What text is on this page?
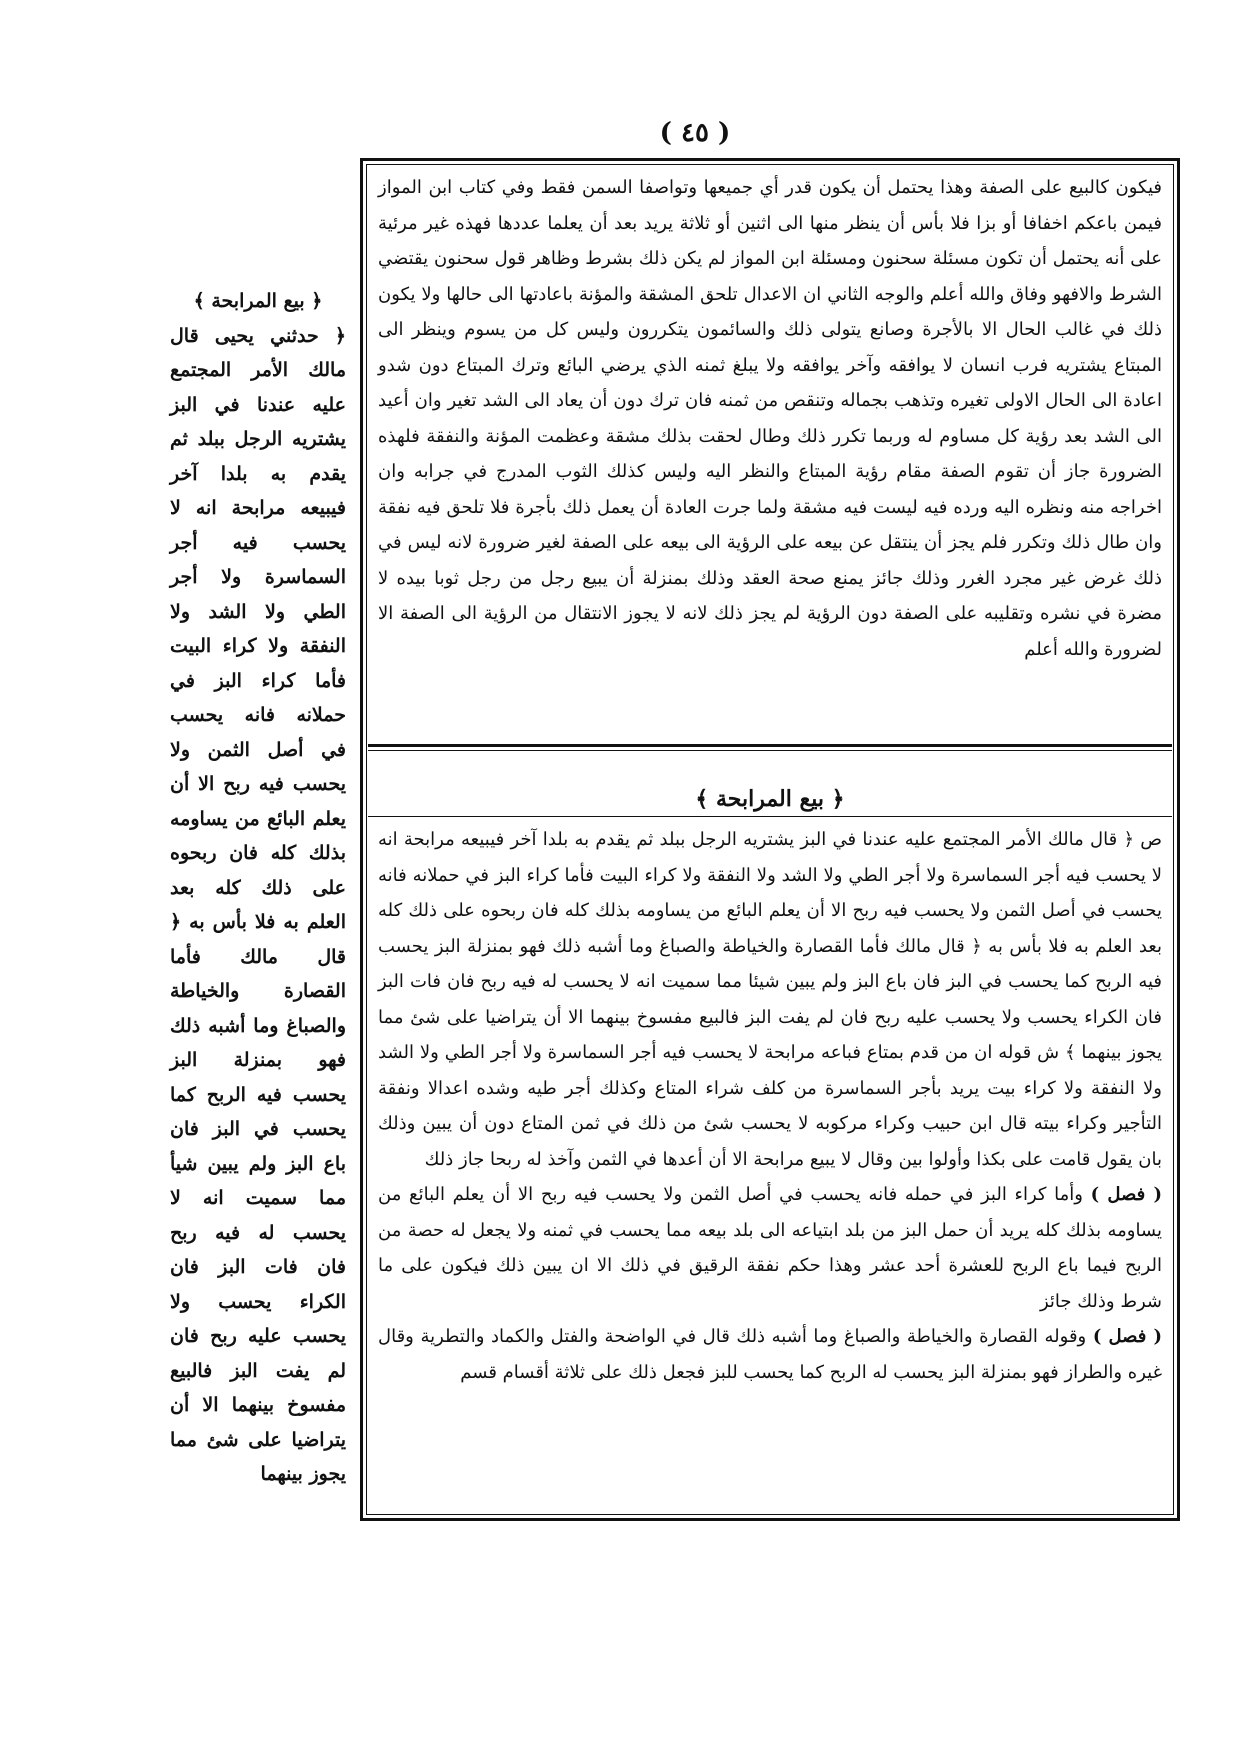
( ٤٥ )

فيكون كالبيع على الصفة وهذا يحتمل أن يكون قدر أي جميعها وتواصفا السمن فقط وفي كتاب ابن المواز فيمن باعكم اخفافا أو بزا فلا بأس أن ينظر منها الى اثنين أو ثلاثة يريد بعد أن يعلما عددها فهذه غير مرئية على أنه يحتمل أن تكون مسئلة سحنون ومسئلة ابن المواز لم يكن ذلك بشرط وظاهر قول سحنون يقتضي الشرط والافهو وفاق والله أعلم والوجه الثاني ان الاعدال تلحق المشقة والمؤنة باعادتها الى حالها ولا يكون ذلك في غالب الحال الا بالأجرة وصانع يتولى ذلك والسائمون يتكررون وليس كل من يسوم وينظر الى المبتاع يشتريه فرب انسان لا يوافقه وآخر يوافقه ولا يبلغ ثمنه الذي يرضي البائع وترك المبتاع دون شدو اعادة الى الحال الاولى تغيره وتذهب بجماله وتنقص من ثمنه فان ترك دون أن يعاد الى الشد تغير وان أعيد الى الشد بعد رؤية كل مساوم له وربما تكرر ذلك وطال لحقت بذلك مشقة وعظمت المؤنة والنفقة فلهذه الضرورة جاز أن تقوم الصفة مقام رؤية المبتاع والنظر اليه وليس كذلك الثوب المدرج في جرابه وان اخراجه منه ونظره اليه ورده فيه ليست فيه مشقة ولما جرت العادة أن يعمل ذلك بأجرة فلا تلحق فيه نفقة وان طال ذلك وتكرر فلم يجز أن ينتقل عن بيعه على الرؤية الى بيعه على الصفة لغير ضرورة لانه ليس في ذلك غرض غير مجرد الغرر وذلك جائز يمنع صحة العقد وذلك بمنزلة أن يبيع رجل من رجل ثوبا بيده لا مضرة في نشره وتقليبه على الصفة دون الرؤية لم يجز ذلك لانه لا يجوز الانتقال من الرؤية الى الصفة الا لضرورة والله أعلم

﴿ بيع المرابحة ﴾

ص ﴿ قال مالك الأمر المجتمع عليه عندنا في البز يشتريه الرجل ببلد ثم يقدم به بلدا آخر فيبيعه مرابحة انه لا يحسب فيه أجر السماسرة ولا أجر الطي ولا الشد ولا النفقة ولا كراء البيت فأما كراء البز في حملانه فانه يحسب في أصل الثمن ولا يحسب فيه ربح الا أن يعلم البائع من يساومه بذلك كله فان ربحوه على ذلك كله بعد العلم به فلا بأس به ﴿ قال مالك فأما القصارة والخياطة والصباغ وما أشبه ذلك فهو بمنزلة البز يحسب فيه الربح كما يحسب في البز فان باع البز ولم يبين شيئا مما سميت انه لا يحسب له فيه ربح فان فات البز فان الكراء يحسب ولا يحسب عليه ربح فان لم يفت البز فالبيع مفسوخ بينهما الا أن يتراضيا على شئ مما يجوز بينهما ﴾ ش قوله ان من قدم بمتاع فباعه مرابحة لا يحسب فيه أجر السماسرة ولا أجر الطي ولا الشد ولا النفقة ولا كراء بيت يريد بأجر السماسرة من كلف شراء المتاع وكذلك أجر طيه وشده اعدالا ونفقة التأجير وكراء بيته قال ابن حبيب وكراء مركوبه لا يحسب شئ من ذلك في ثمن المتاع دون أن يبين وذلك بان يقول قامت على بكذا وأولوا بين وقال لا يبيع مرابحة الا أن أعدها في الثمن وآخذ له ربحا جاز ذلك

( فصل ) وأما كراء البز في حمله فانه يحسب في أصل الثمن ولا يحسب فيه ربح الا أن يعلم البائع من يساومه بذلك كله يريد أن حمل البز من بلد ابتياعه الى بلد بيعه مما يحسب في ثمنه ولا يجعل له حصة من الربح فيما باع الربح للعشرة أحد عشر وهذا حكم نفقة الرقيق في ذلك الا ان يبين ذلك فيكون على ما شرط وذلك جائز

( فصل ) وقوله القصارة والخياطة والصباغ وما أشبه ذلك قال في الواضحة والفتل والكماد والتطرية وقال غيره والطراز فهو بمنزلة البز يحسب له الربح كما يحسب للبز فجعل ذلك على ثلاثة أقسام قسم

﴿ بيع المرابحة ﴾

﴿ حدثني يحيى قال مالك الأمر المجتمع عليه عندنا في البز يشتريه الرجل ببلد ثم يقدم به بلدا آخر فيبيعه مرابحة انه لا يحسب فيه أجر السماسرة ولا أجر الطي ولا الشد ولا النفقة ولا كراء البيت فأما كراء البز في حملانه فانه يحسب في أصل الثمن ولا يحسب فيه ربح الا أن يعلم البائع من يساومه بذلك كله فان ربحوه على ذلك كله بعد العلم به فلا بأس به ﴿ قال مالك فأما القصارة والخياطة والصباغ وما أشبه ذلك فهو بمنزلة البز يحسب فيه الربح كما يحسب في البز فان باع البز ولم يبين شيأ مما سميت انه لا يحسب له فيه ربح فان فات البز فان الكراء يحسب ولا يحسب عليه ربح فان لم يفت البز فالبيع مفسوخ بينهما الا أن يتراضيا على شئ مما يجوز بينهما
